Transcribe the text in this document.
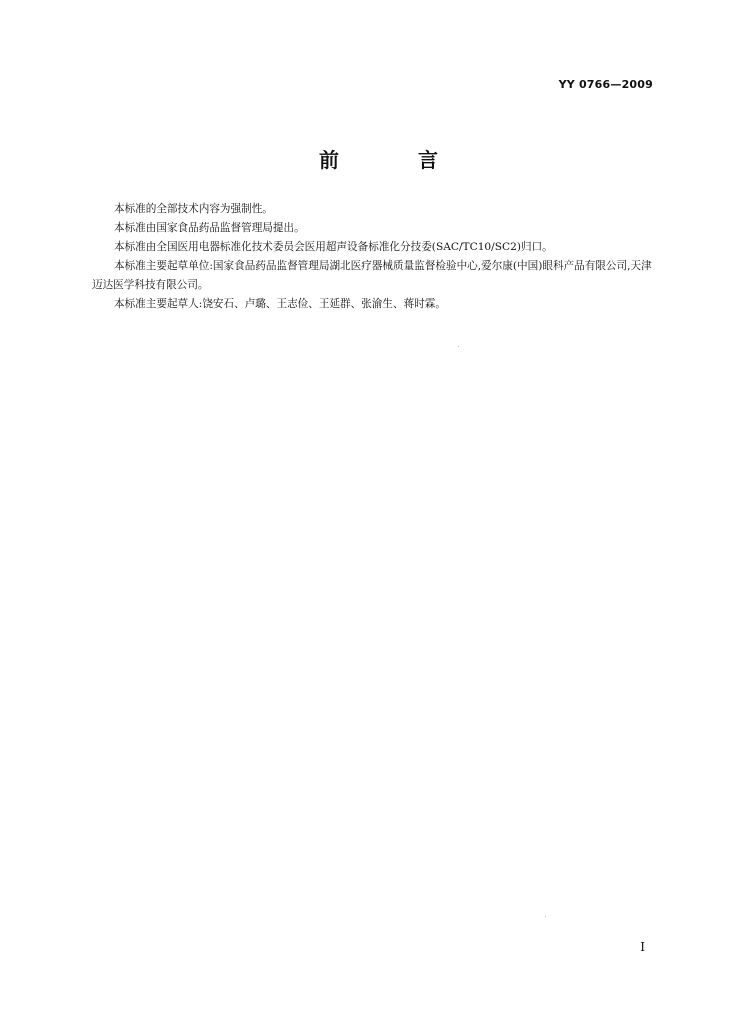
YY 0766—2009
前 言

本标准的全部技术内容为强制性。

本标准由国家食品药品监督管理局提出。

本标准由全国医用电器标准化技术委员会医用超声设备标准化分技委(SAC/TC10/SC2)归口。

本标准主要起草单位:国家食品药品监督管理局湖北医疗器械质量监督检验中心,爱尔康(中国)眼科产品有限公司,天津迈达医学科技有限公司。

本标准主要起草人:饶安石、卢璐、王志俭、王延群、张渝生、蒋时霖。

I
